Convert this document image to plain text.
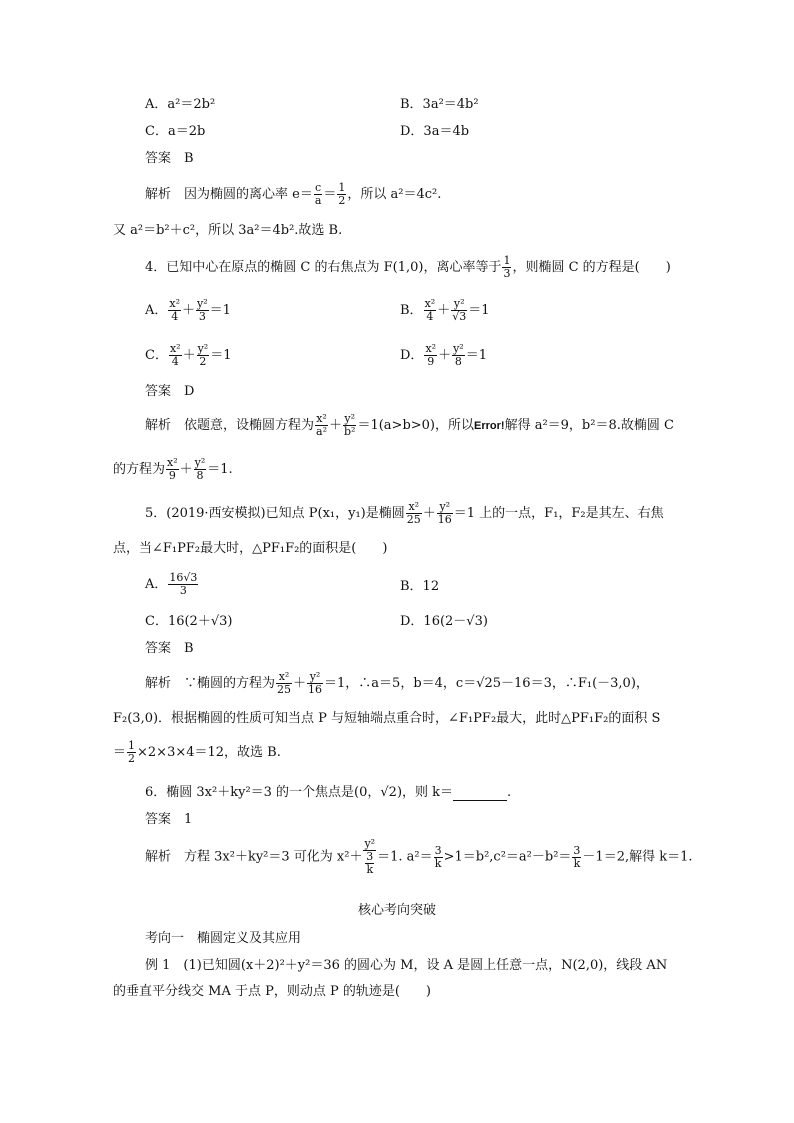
A．a²＝2b²	B．3a²＝4b²
C．a＝2b	D．3a＝4b
答案　B
解析　因为椭圆的离心率 $e= \frac{c}{a} = \frac{1}{2}$ ，所以 a²＝4c².
又 a²＝b²＋c²，所以 3a²＝4b².故选 B.
4．已知中心在原点的椭圆 C 的右焦点为 F(1,0)，离心率等于 $\frac{1}{3}$ ，则椭圆 C 的方程是(　　)
A． $\frac{\text{x²}}{4} + \frac{\text{y²}}{3} =1$	B． $\frac{\text{x²}}{4} + \frac{\text{y²}}{√3} =1$
C． $\frac{\text{x²}}{4} + \frac{\text{y²}}{2} =1$	D． $\frac{\text{x²}}{9} + \frac{\text{y²}}{8} =1$
答案　D
解析　依题意，设椭圆方程为 $\frac{\text{x²}}{\text{a²}} + \frac{\text{y²}}{\text{b²}} =1(a>b>0)$，所以Error!解得 a²＝9，b²＝8.故椭圆 C
的方程为 $\frac{\text{x²}}{9} + \frac{\text{y²}}{8} =1$.
5．(2019·西安模拟)已知点 P(x₁，y₁)是椭圆 $\frac{\text{x²}}{25} + \frac{\text{y²}}{16} =1$ 上的一点，F₁，F₂是其左、右焦
点，当∠F₁PF₂最大时，△PF₁F₂的面积是(　　)
A． $\frac{16√3}{3}$	B．12
C．16(2＋√3)	D．16(2－√3)
答案　B
解析　∵椭圆的方程为 $\frac{\text{x²}}{25} + \frac{\text{y²}}{16} =1$，∴a＝5，b＝4，c＝√25－16＝3，∴F₁(－3,0)，
F₂(3,0)．根据椭圆的性质可知当点 P 与短轴端点重合时，∠F₁PF₂最大，此时△PF₁F₂的面积 S
＝ $\frac{1}{2} \times 2\times 3\times 4=12$，故选 B.
6．椭圆 3x²＋ky²＝3 的一个焦点是(0，√2)，则 k＝	.
答案　1
解析　方程 3x²＋ky²＝3 可化为 $x^2+ \frac{\text{y²}}{\frac{3}{k}} =1$. $a^2= \frac{3}{k} >1=b^2,c^2=a^2-b^2= \frac{3}{k} -1=2$,解得 k＝1.
核心考向突破
考向一　椭圆定义及其应用
例 1　(1)已知圆(x＋2)²＋y²＝36 的圆心为 M，设 A 是圆上任意一点，N(2,0)，线段 AN
的垂直平分线交 MA 于点 P，则动点 P 的轨迹是(　　)
